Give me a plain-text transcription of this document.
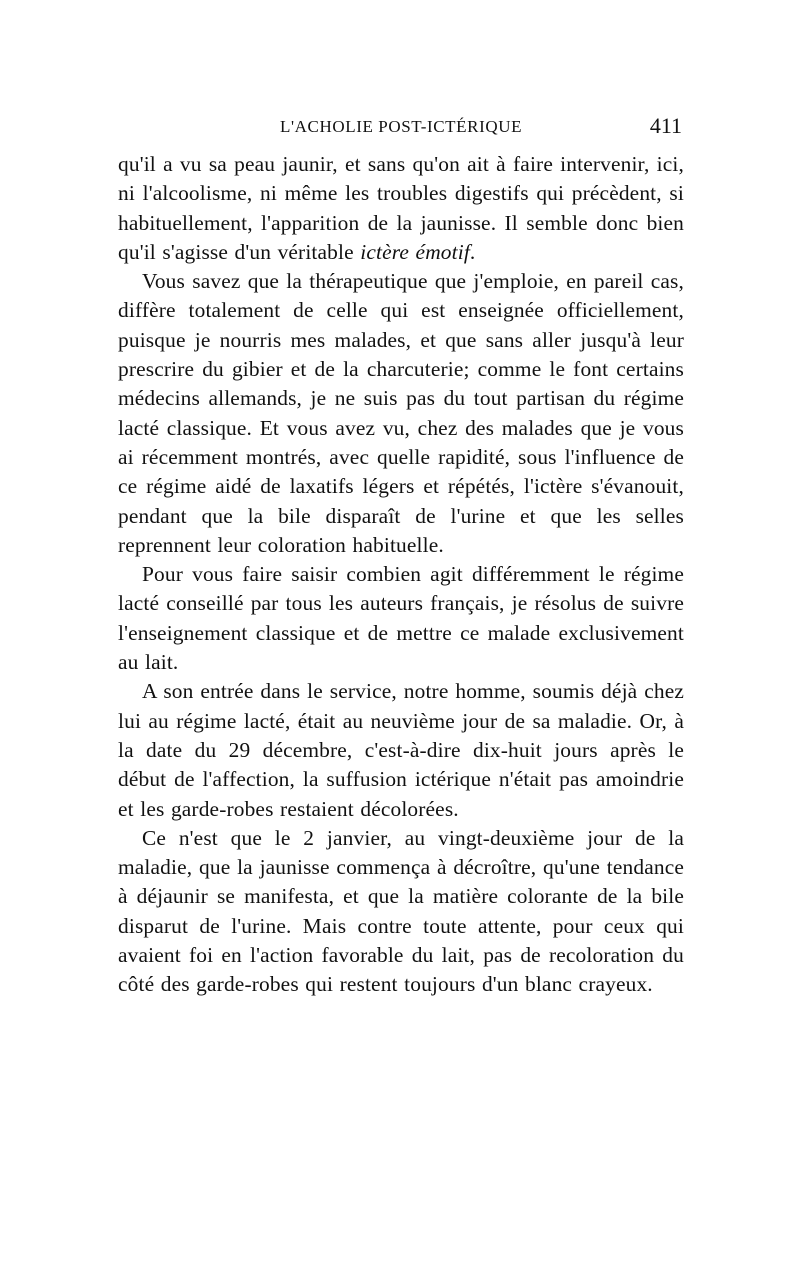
L'ACHOLIE POST-ICTÉRIQUE	411

qu'il a vu sa peau jaunir, et sans qu'on ait à faire intervenir, ici, ni l'alcoolisme, ni même les troubles digestifs qui précèdent, si habituellement, l'apparition de la jaunisse. Il semble donc bien qu'il s'agisse d'un véritable ictère émotif.

Vous savez que la thérapeutique que j'emploie, en pareil cas, diffère totalement de celle qui est enseignée officiellement, puisque je nourris mes malades, et que sans aller jusqu'à leur prescrire du gibier et de la charcuterie; comme le font certains médecins allemands, je ne suis pas du tout partisan du régime lacté classique. Et vous avez vu, chez des malades que je vous ai récemment montrés, avec quelle rapidité, sous l'influence de ce régime aidé de laxatifs légers et répétés, l'ictère s'évanouit, pendant que la bile disparaît de l'urine et que les selles reprennent leur coloration habituelle.

Pour vous faire saisir combien agit différemment le régime lacté conseillé par tous les auteurs français, je résolus de suivre l'enseignement classique et de mettre ce malade exclusivement au lait.

A son entrée dans le service, notre homme, soumis déjà chez lui au régime lacté, était au neuvième jour de sa maladie. Or, à la date du 29 décembre, c'est-à-dire dix-huit jours après le début de l'affection, la suffusion ictérique n'était pas amoindrie et les garde-robes restaient décolorées.

Ce n'est que le 2 janvier, au vingt-deuxième jour de la maladie, que la jaunisse commença à décroître, qu'une tendance à déjaunir se manifesta, et que la matière colorante de la bile disparut de l'urine. Mais contre toute attente, pour ceux qui avaient foi en l'action favorable du lait, pas de recoloration du côté des garde-robes qui restent toujours d'un blanc crayeux.
